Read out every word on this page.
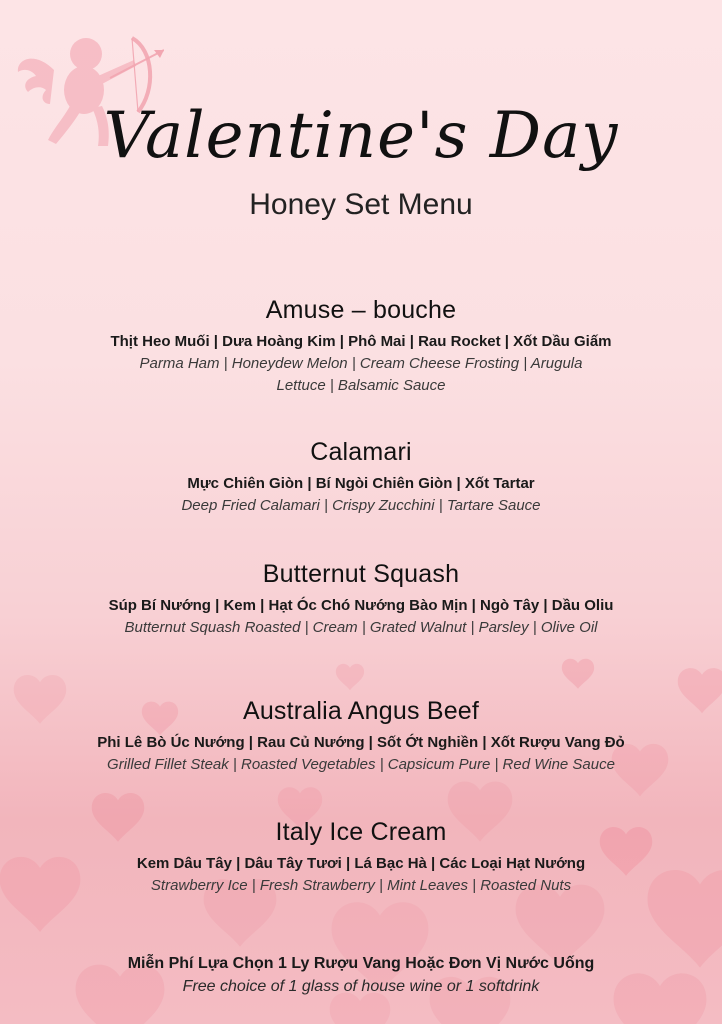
Valentine's Day
Honey Set Menu
Amuse – bouche
Thịt Heo Muối | Dưa Hoàng Kim | Phô Mai | Rau Rocket | Xốt Dầu Giấm
Parma Ham | Honeydew Melon | Cream Cheese Frosting | Arugula Lettuce | Balsamic Sauce
Calamari
Mực Chiên Giòn | Bí Ngòi Chiên Giòn | Xốt Tartar
Deep Fried Calamari | Crispy Zucchini | Tartare Sauce
Butternut Squash
Súp Bí Nướng | Kem | Hạt Óc Chó Nướng Bào Mịn | Ngò Tây | Dầu Oliu
Butternut Squash Roasted | Cream | Grated Walnut | Parsley | Olive Oil
Australia Angus Beef
Phi Lê Bò Úc Nướng | Rau Củ Nướng | Sốt Ớt Nghiền | Xốt Rượu Vang Đỏ
Grilled Fillet Steak | Roasted Vegetables | Capsicum Pure | Red Wine Sauce
Italy Ice Cream
Kem Dâu Tây | Dâu Tây Tươi | Lá Bạc Hà | Các Loại Hạt Nướng
Strawberry Ice | Fresh Strawberry | Mint Leaves | Roasted Nuts
Miễn Phí Lựa Chọn 1 Ly Rượu Vang Hoặc Đơn Vị Nước Uống
Free choice of 1 glass of house wine or 1 softdrink
